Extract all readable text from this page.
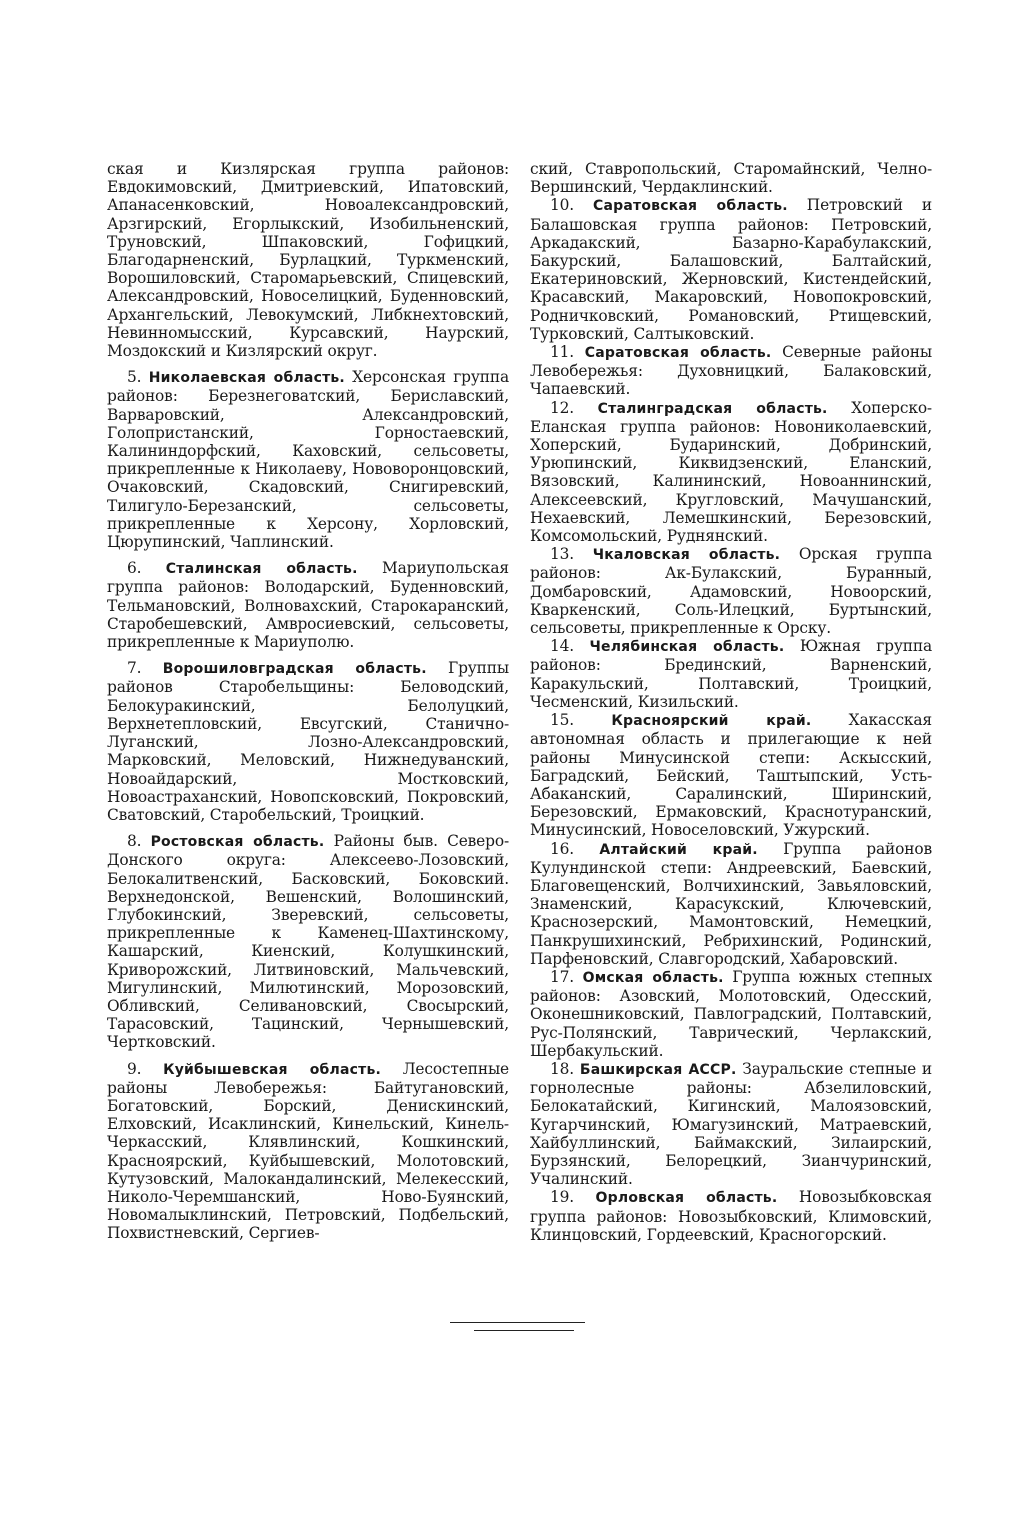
ская и Кизлярская группа районов: Евдокимовский, Дмитриевский, Ипатовский, Апанасенковский, Новоалександровский, Арзгирский, Егорлыкский, Изобильненский, Труновский, Шпаковский, Гофицкий, Благодарненский, Бурлацкий, Туркменский, Ворошиловский, Старомарьевский, Спицевский, Александровский, Новоселицкий, Буденновский, Архангельский, Левокумский, Либкнехтовский, Невинномысский, Курсавский, Наурский, Моздокский и Кизлярский округ.

5. Николаевская область. Херсонская группа районов: Березнеговатский, Бериславский, Варваровский, Александровский, Голопристанский, Горностаевский, Калининдорфский, Каховский, сельсоветы, прикрепленные к Николаеву, Нововоронцовский, Очаковский, Скадовский, Снигиревский, Тилигуло-Березанский, сельсоветы, прикрепленные к Херсону, Хорловский, Цюрупинский, Чаплинский.

6. Сталинская область. Мариупольская группа районов: Володарский, Буденновский, Тельмановский, Волновахский, Старокаранский, Старобешевский, Амвросиевский, сельсоветы, прикрепленные к Мариуполю.

7. Ворошиловградская область. Группы районов Старобельщины: Беловодский, Белокуракинский, Белолуцкий, Верхнетепловский, Евсугский, Станично-Луганский, Лозно-Александровский, Марковский, Меловский, Нижнедуванский, Новоайдарский, Мостковский, Новоастраханский, Новопсковский, Покровский, Сватовский, Старобельский, Троицкий.

8. Ростовская область. Районы быв. Северо-Донского округа: Алексеево-Лозовский, Белокалитвенский, Басковский, Боковский. Верхнедонской, Вешенский, Волошинский, Глубокинский, Зверевский, сельсоветы, прикрепленные к Каменец-Шахтинскому, Кашарский, Киенский, Колушкинский, Криворожский, Литвиновский, Мальчевский, Мигулинский, Милютинский, Морозовский, Обливский, Селивановский, Свосырский, Тарасовский, Тацинский, Чернышевский, Чертковский.

9. Куйбышевская область. Лесостепные районы Левобережья: Байтугановский, Богатовский, Борский, Денискинский, Елховский, Исаклинский, Кинельский, Кинель-Черкасский, Клявлинский, Кошкинский, Красноярский, Куйбышевский, Молотовский, Кутузовский, Малокандалинский, Мелекесский, Николо-Черемшанский, Ново-Буянский, Новомалыклинский, Петровский, Подбельский, Похвистневский, Сергиев-

ский, Ставропольский, Старомайнский, Челно-Вершинский, Чердаклинский.

10. Саратовская область. Петровский и Балашовская группа районов: Петровский, Аркадакский, Базарно-Карабулакский, Бакурский, Балашовский, Балтайский, Екатериновский, Жерновский, Кистендейский, Красавский, Макаровский, Новопокровский, Родничковский, Романовский, Ртищевский, Турковский, Салтыковский.

11. Саратовская область. Северные районы Левобережья: Духовницкий, Балаковский, Чапаевский.

12. Сталинградская область. Хоперско-Еланская группа районов: Новониколаевский, Хоперский, Бударинский, Добринский, Урюпинский, Киквидзенский, Еланский, Вязовский, Калининский, Новоаннинский, Алексеевский, Кругловский, Мачушанский, Нехаевский, Лемешкинский, Березовский, Комсомольский, Руднянский.

13. Чкаловская область. Орская группа районов: Ак-Булакский, Буранный, Домбаровский, Адамовский, Новоорский, Кваркенский, Соль-Илецкий, Буртынский, сельсоветы, прикрепленные к Орску.

14. Челябинская область. Южная группа районов: Брединский, Варненский, Каракульский, Полтавский, Троицкий, Чесменский, Кизильский.

15.	Красноярский край. Хакасская автономная область и прилегающие к ней районы Минусинской степи: Аскысский, Баградский, Бейский, Таштыпский, Усть-Абаканский, Саралинский, Ширинский, Березовский, Ермаковский, Краснотуранский, Минусинский, Новоселовский, Ужурский.

16. Алтайский край. Группа районов Кулундинской степи: Андреевский, Баевский, Благовещенский, Волчихинский, Завьяловский, Знаменский, Карасукский, Ключевский, Краснозерский, Мамонтовский, Немецкий, Панкрушихинский, Ребрихинский, Родинский, Парфеновский, Славгородский, Хабаровский.

17. Омская область. Группа южных степных районов: Азовский, Молотовский, Одесский, Оконешниковский, Павлоградский, Полтавский, Рус-Полянский, Таврический, Черлакский, Шербакульский.

18. Башкирская АССР. Зауральские степные и горнолесные районы: Абзелиловский, Белокатайский, Кигинский, Малоязовский, Кугарчинский, Юмагузинский, Матраевский, Хайбуллинский, Баймакский, Зилаирский, Бурзянский, Белорецкий, Зианчуринский, Учалинский.

19. Орловская область. Новозыбковская группа районов: Новозыбковский, Климовский, Клинцовский, Гордеевский, Красногорский.
